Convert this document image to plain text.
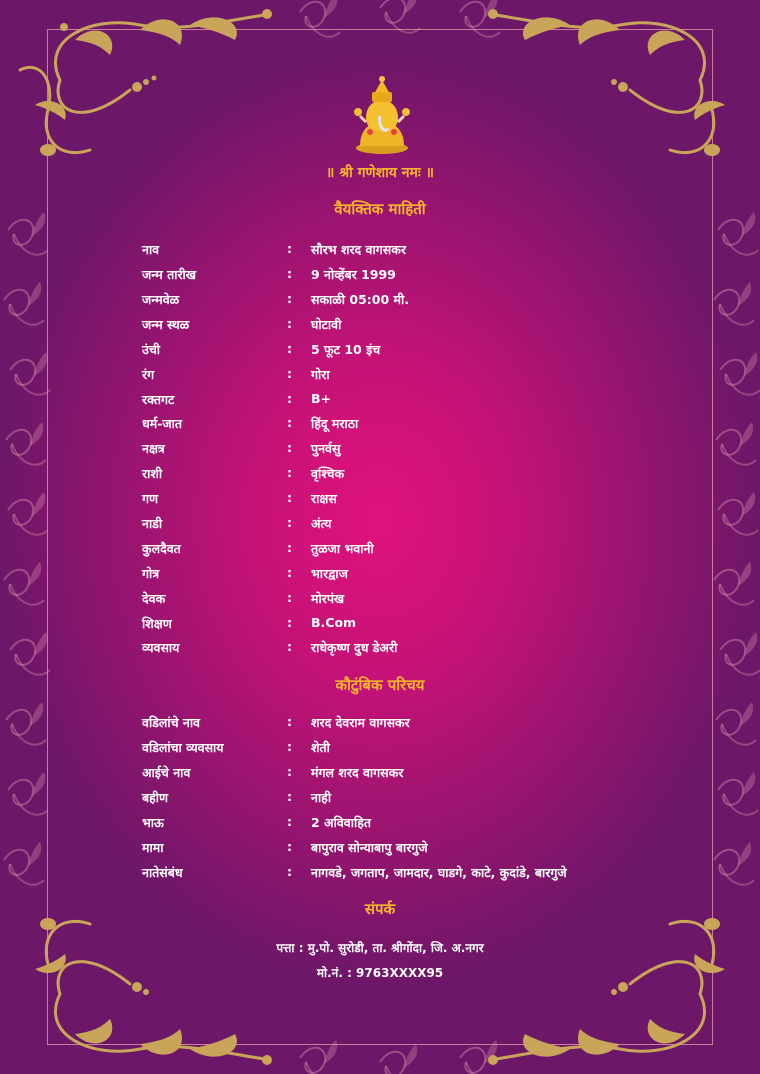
॥ श्री गणेशाय नमः ॥
वैयक्तिक माहिती
नाव	: सौरभ शरद वागसकर
जन्म तारीख	: 9 नोव्हेंबर 1999
जन्मवेळ	: सकाळी 05:00 मी.
जन्म स्थळ	: घोटावी
उंची	: 5 फूट 10 इंच
रंग	: गोरा
रक्तगट	: B+
धर्म-जात	: हिंदू मराठा
नक्षत्र	: पुनर्वसु
राशी	: वृश्चिक
गण	: राक्षस
नाडी	: अंत्य
कुलदैवत	: तुळजा भवानी
गोत्र	: भारद्वाज
देवक	: मोरपंख
शिक्षण	: B.Com
व्यवसाय	: राधेकृष्ण दुध डेअरी
कौटुंबिक परिचय
वडिलांचे नाव	: शरद देवराम वागसकर
वडिलांचा व्यवसाय	: शेती
आईचे नाव	: मंगल शरद वागसकर
बहीण	: नाही
भाऊ	: 2 अविवाहित
मामा	: बापुराव सोन्याबापु बारगुजे
नातेसंबंध	: नागवडे, जगताप, जामदार, घाडगे, काटे, कुदांडे, बारगुजे
संपर्क
पत्ता : मु.पो. सुरोडी, ता. श्रीगोंदा, जि. अ.नगर
मो.नं. : 9763XXXX95
